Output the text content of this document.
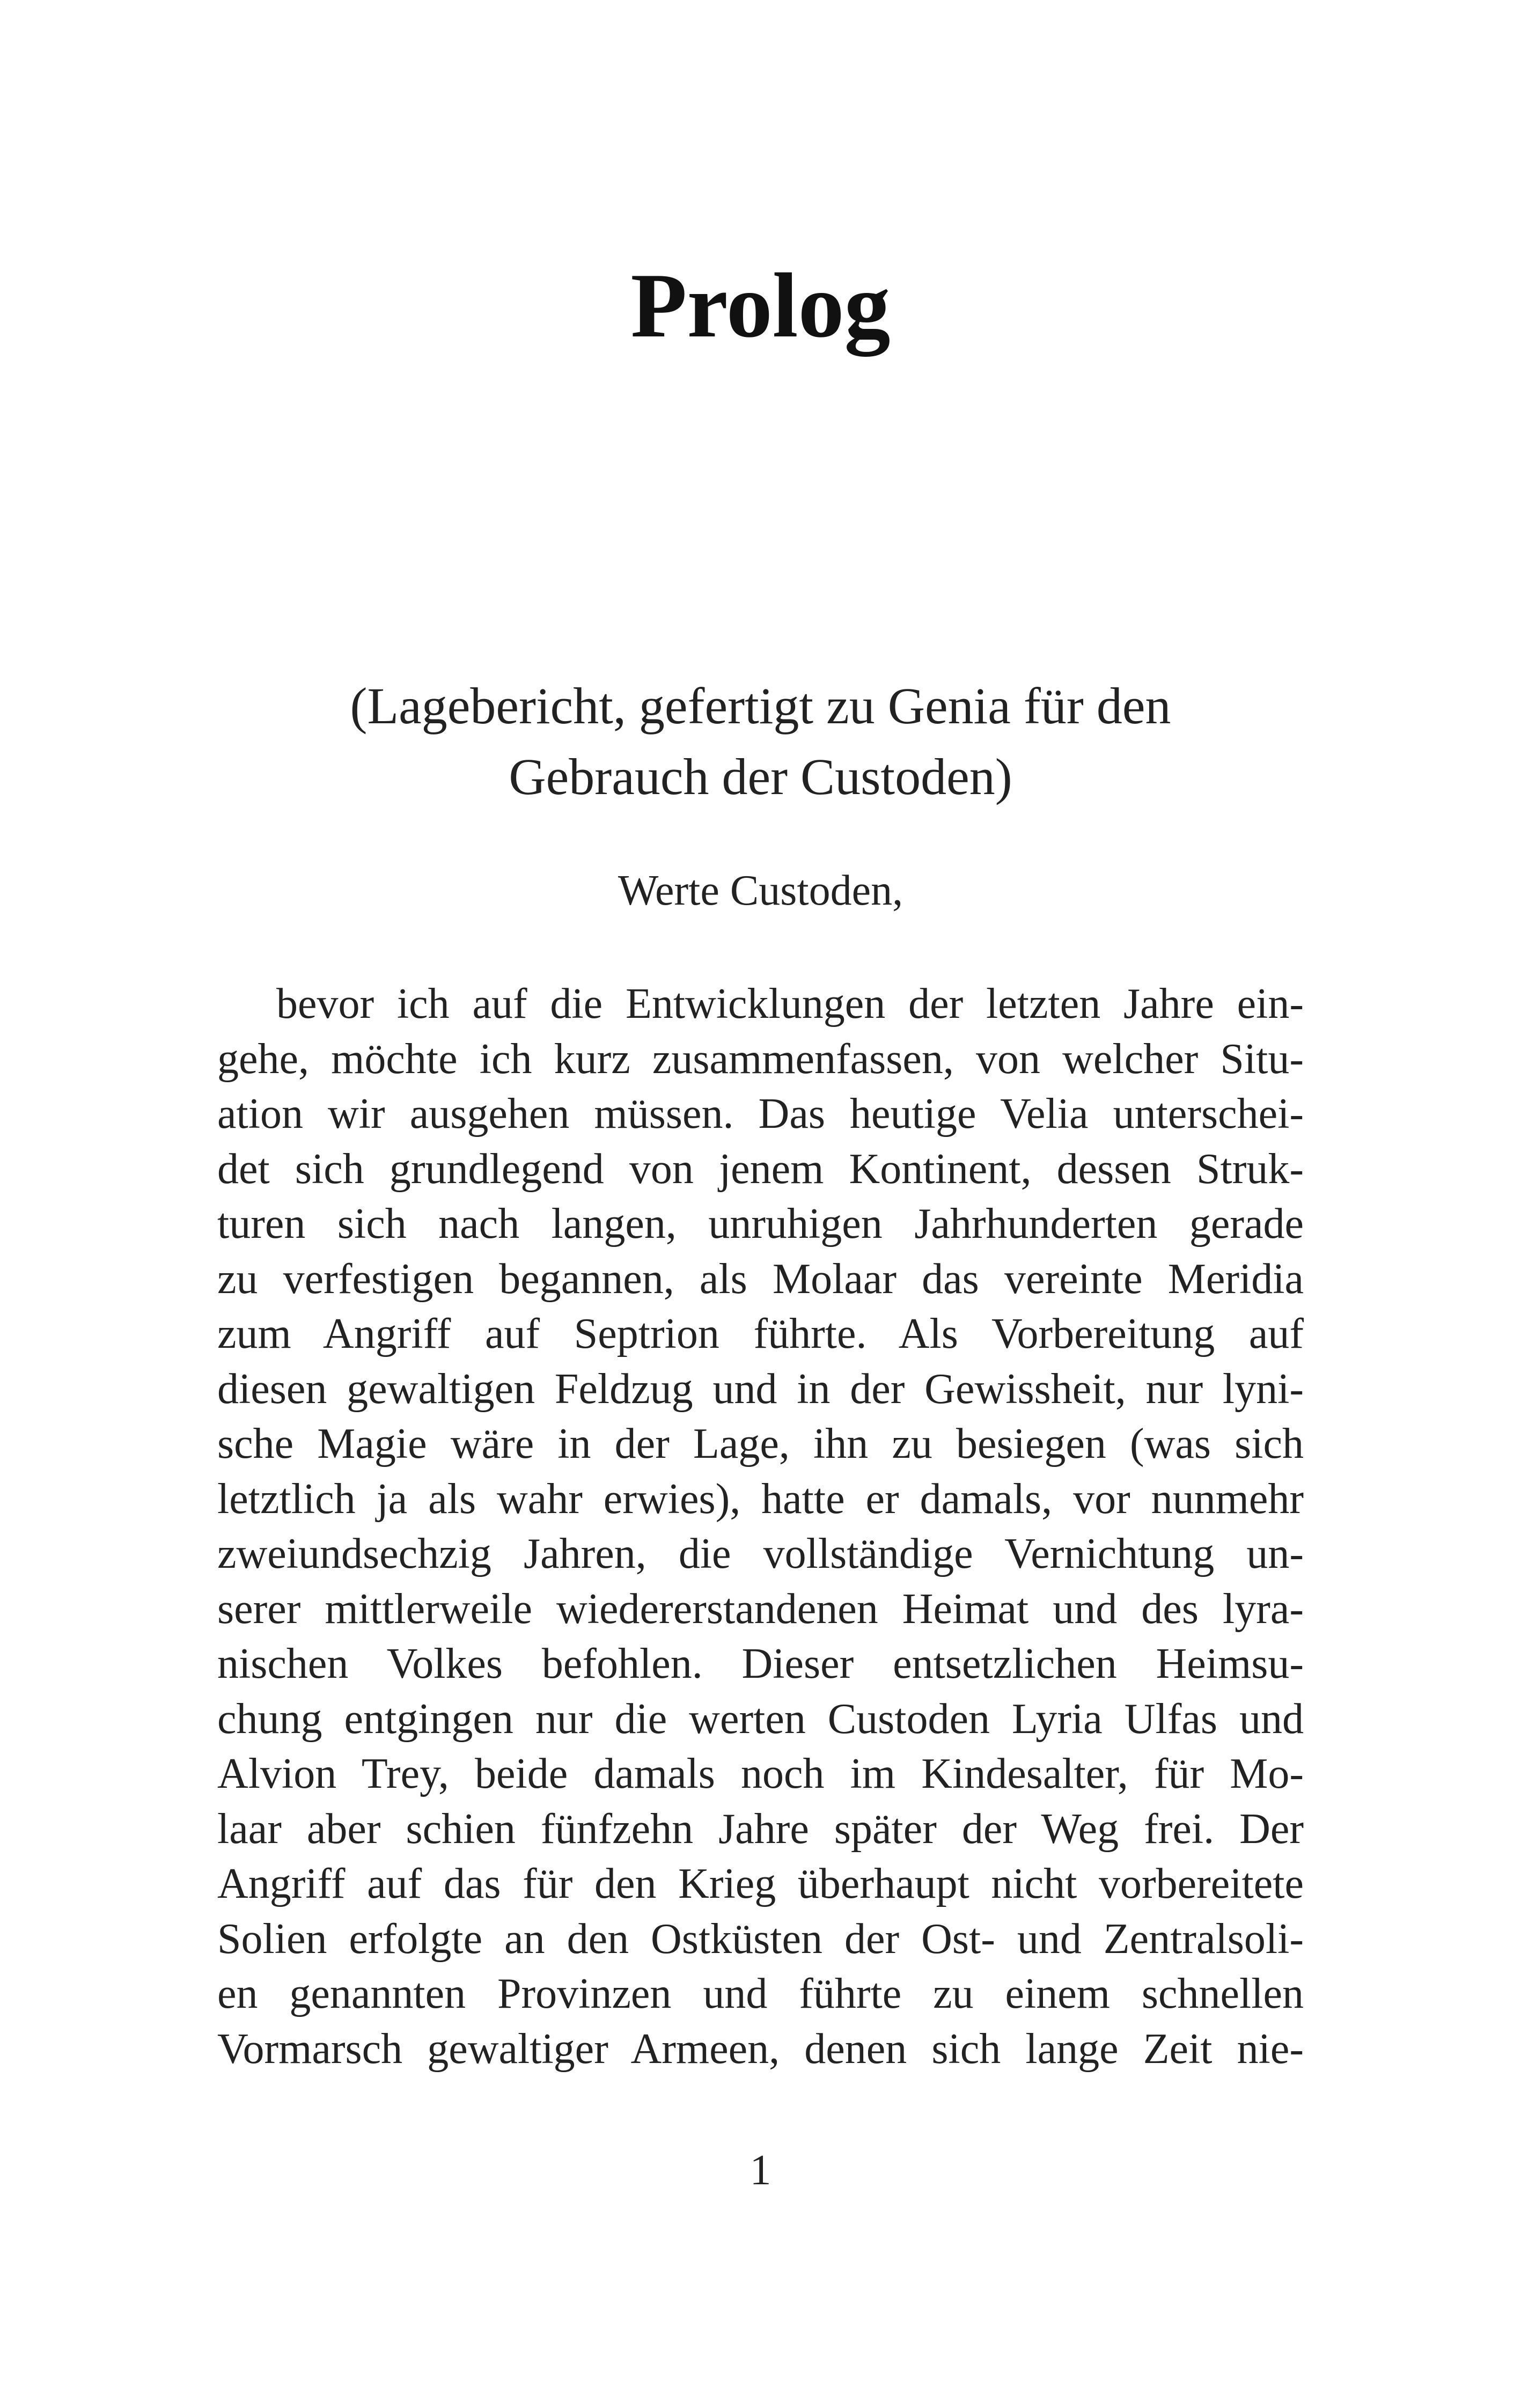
Prolog
(Lagebericht, gefertigt zu Genia für den
Gebrauch der Custoden)

Werte Custoden,

bevor ich auf die Entwicklungen der letzten Jahre ein-
gehe, möchte ich kurz zusammenfassen, von welcher Situ-
ation wir ausgehen müssen. Das heutige Velia unterschei-
det sich grundlegend von jenem Kontinent, dessen Struk-
turen sich nach langen, unruhigen Jahrhunderten gerade
zu verfestigen begannen, als Molaar das vereinte Meridia
zum Angriff auf Septrion führte. Als Vorbereitung auf
diesen gewaltigen Feldzug und in der Gewissheit, nur lyni-
sche Magie wäre in der Lage, ihn zu besiegen (was sich
letztlich ja als wahr erwies), hatte er damals, vor nunmehr
zweiundsechzig Jahren, die vollständige Vernichtung un-
serer mittlerweile wiedererstandenen Heimat und des lyra-
nischen Volkes befohlen. Dieser entsetzlichen Heimsu-
chung entgingen nur die werten Custoden Lyria Ulfas und
Alvion Trey, beide damals noch im Kindesalter, für Mo-
laar aber schien fünfzehn Jahre später der Weg frei. Der
Angriff auf das für den Krieg überhaupt nicht vorbereitete
Solien erfolgte an den Ostküsten der Ost- und Zentralsoli-
en genannten Provinzen und führte zu einem schnellen
Vormarsch gewaltiger Armeen, denen sich lange Zeit nie-

1
